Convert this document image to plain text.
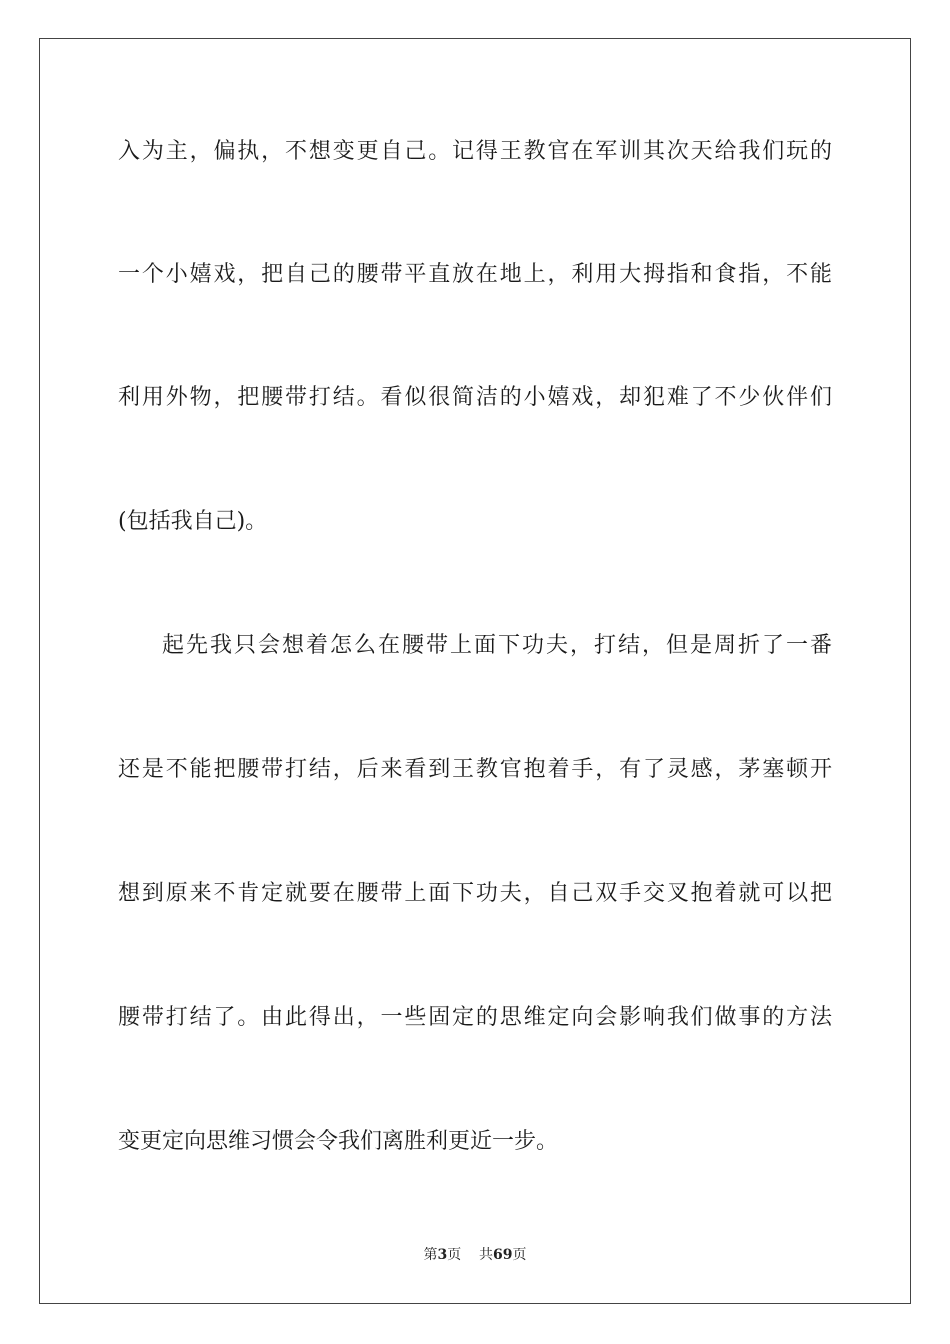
入为主，偏执，不想变更自己。记得王教官在军训其次天给我们玩的
一个小嬉戏，把自己的腰带平直放在地上，利用大拇指和食指，不能
利用外物，把腰带打结。看似很简洁的小嬉戏，却犯难了不少伙伴们
(包括我自己)。
起先我只会想着怎么在腰带上面下功夫，打结，但是周折了一番
还是不能把腰带打结，后来看到王教官抱着手，有了灵感，茅塞顿开
想到原来不肯定就要在腰带上面下功夫，自己双手交叉抱着就可以把
腰带打结了。由此得出，一些固定的思维定向会影响我们做事的方法
变更定向思维习惯会令我们离胜利更近一步。
第3页 共69页
